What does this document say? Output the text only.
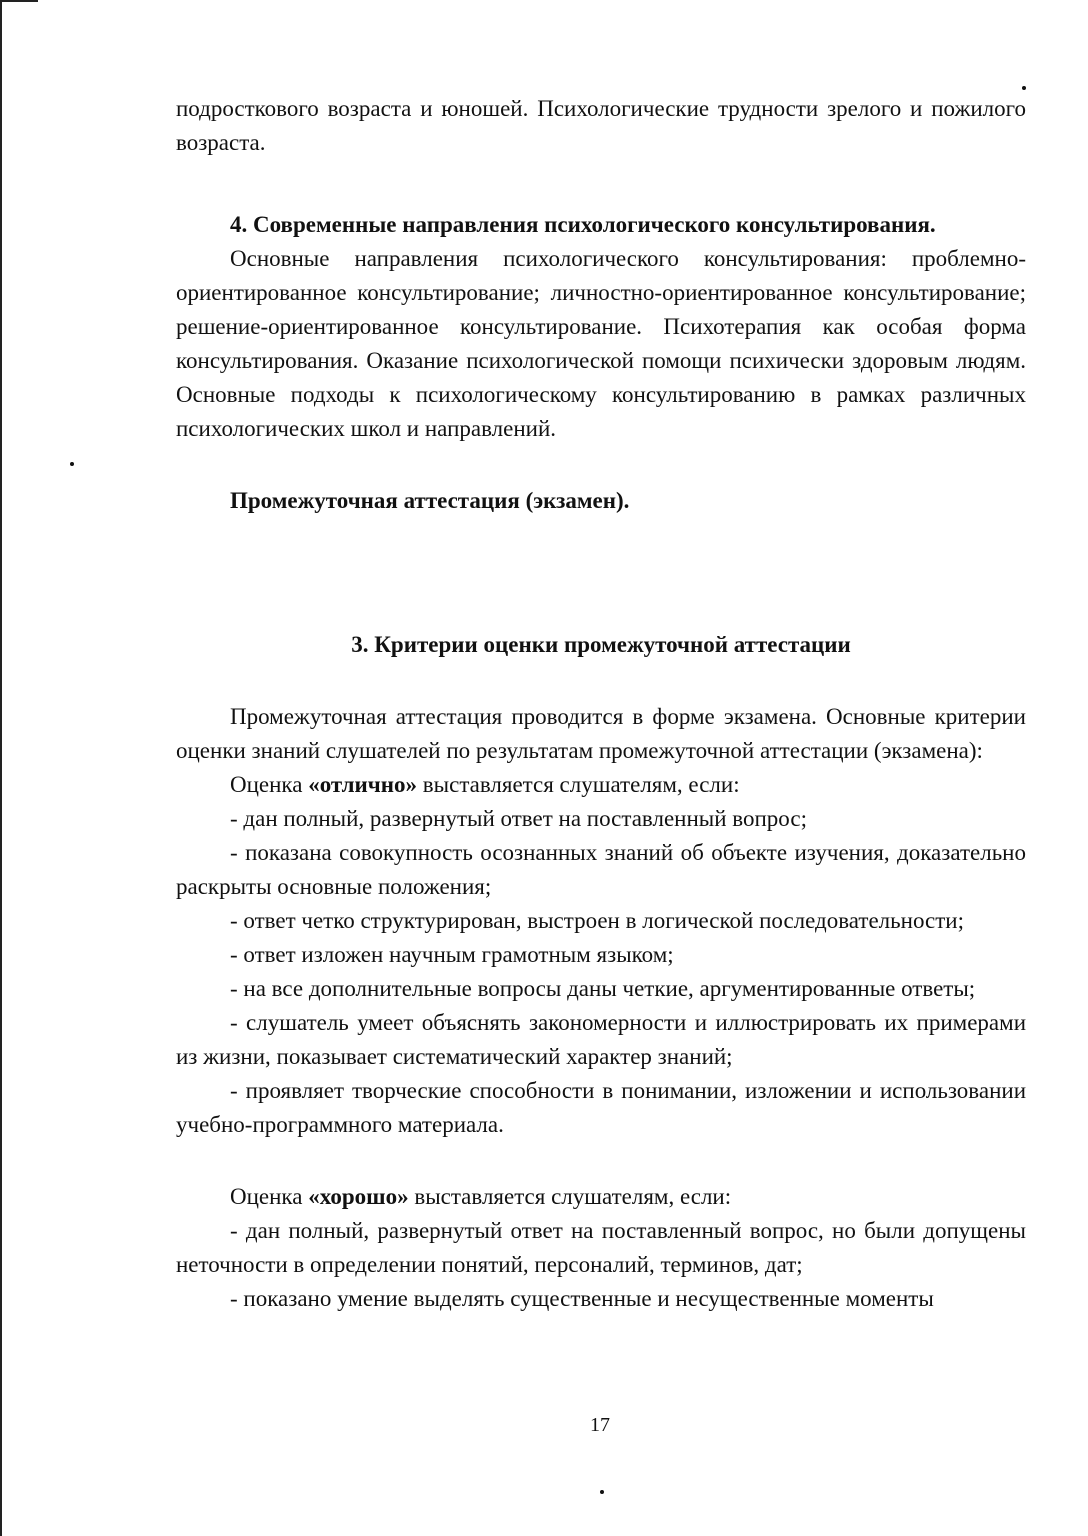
подросткового возраста и юношей. Психологические трудности зрелого и пожилого возраста.

4. Современные направления психологического консультирования.

Основные направления психологического консультирования: проблемно-ориентированное консультирование; личностно-ориентированное консультирование; решение-ориентированное консультирование. Психотерапия как особая форма консультирования. Оказание психологической помощи психически здоровым людям. Основные подходы к психологическому консультированию в рамках различных психологических школ и направлений.

Промежуточная аттестация (экзамен).

3. Критерии оценки промежуточной аттестации

Промежуточная аттестация проводится в форме экзамена. Основные критерии оценки знаний слушателей по результатам промежуточной аттестации (экзамена):

Оценка «отлично» выставляется слушателям, если:

- дан полный, развернутый ответ на поставленный вопрос;

- показана совокупность осознанных знаний об объекте изучения, доказательно раскрыты основные положения;

- ответ четко структурирован, выстроен в логической последовательности;

- ответ изложен научным грамотным языком;

- на все дополнительные вопросы даны четкие, аргументированные ответы;

- слушатель умеет объяснять закономерности и иллюстрировать их примерами из жизни, показывает систематический характер знаний;

- проявляет творческие способности в понимании, изложении и использовании учебно-программного материала.

Оценка «хорошо» выставляется слушателям, если:

- дан полный, развернутый ответ на поставленный вопрос, но были допущены неточности в определении понятий, персоналий, терминов, дат;

- показано умение выделять существенные и несущественные моменты

17
